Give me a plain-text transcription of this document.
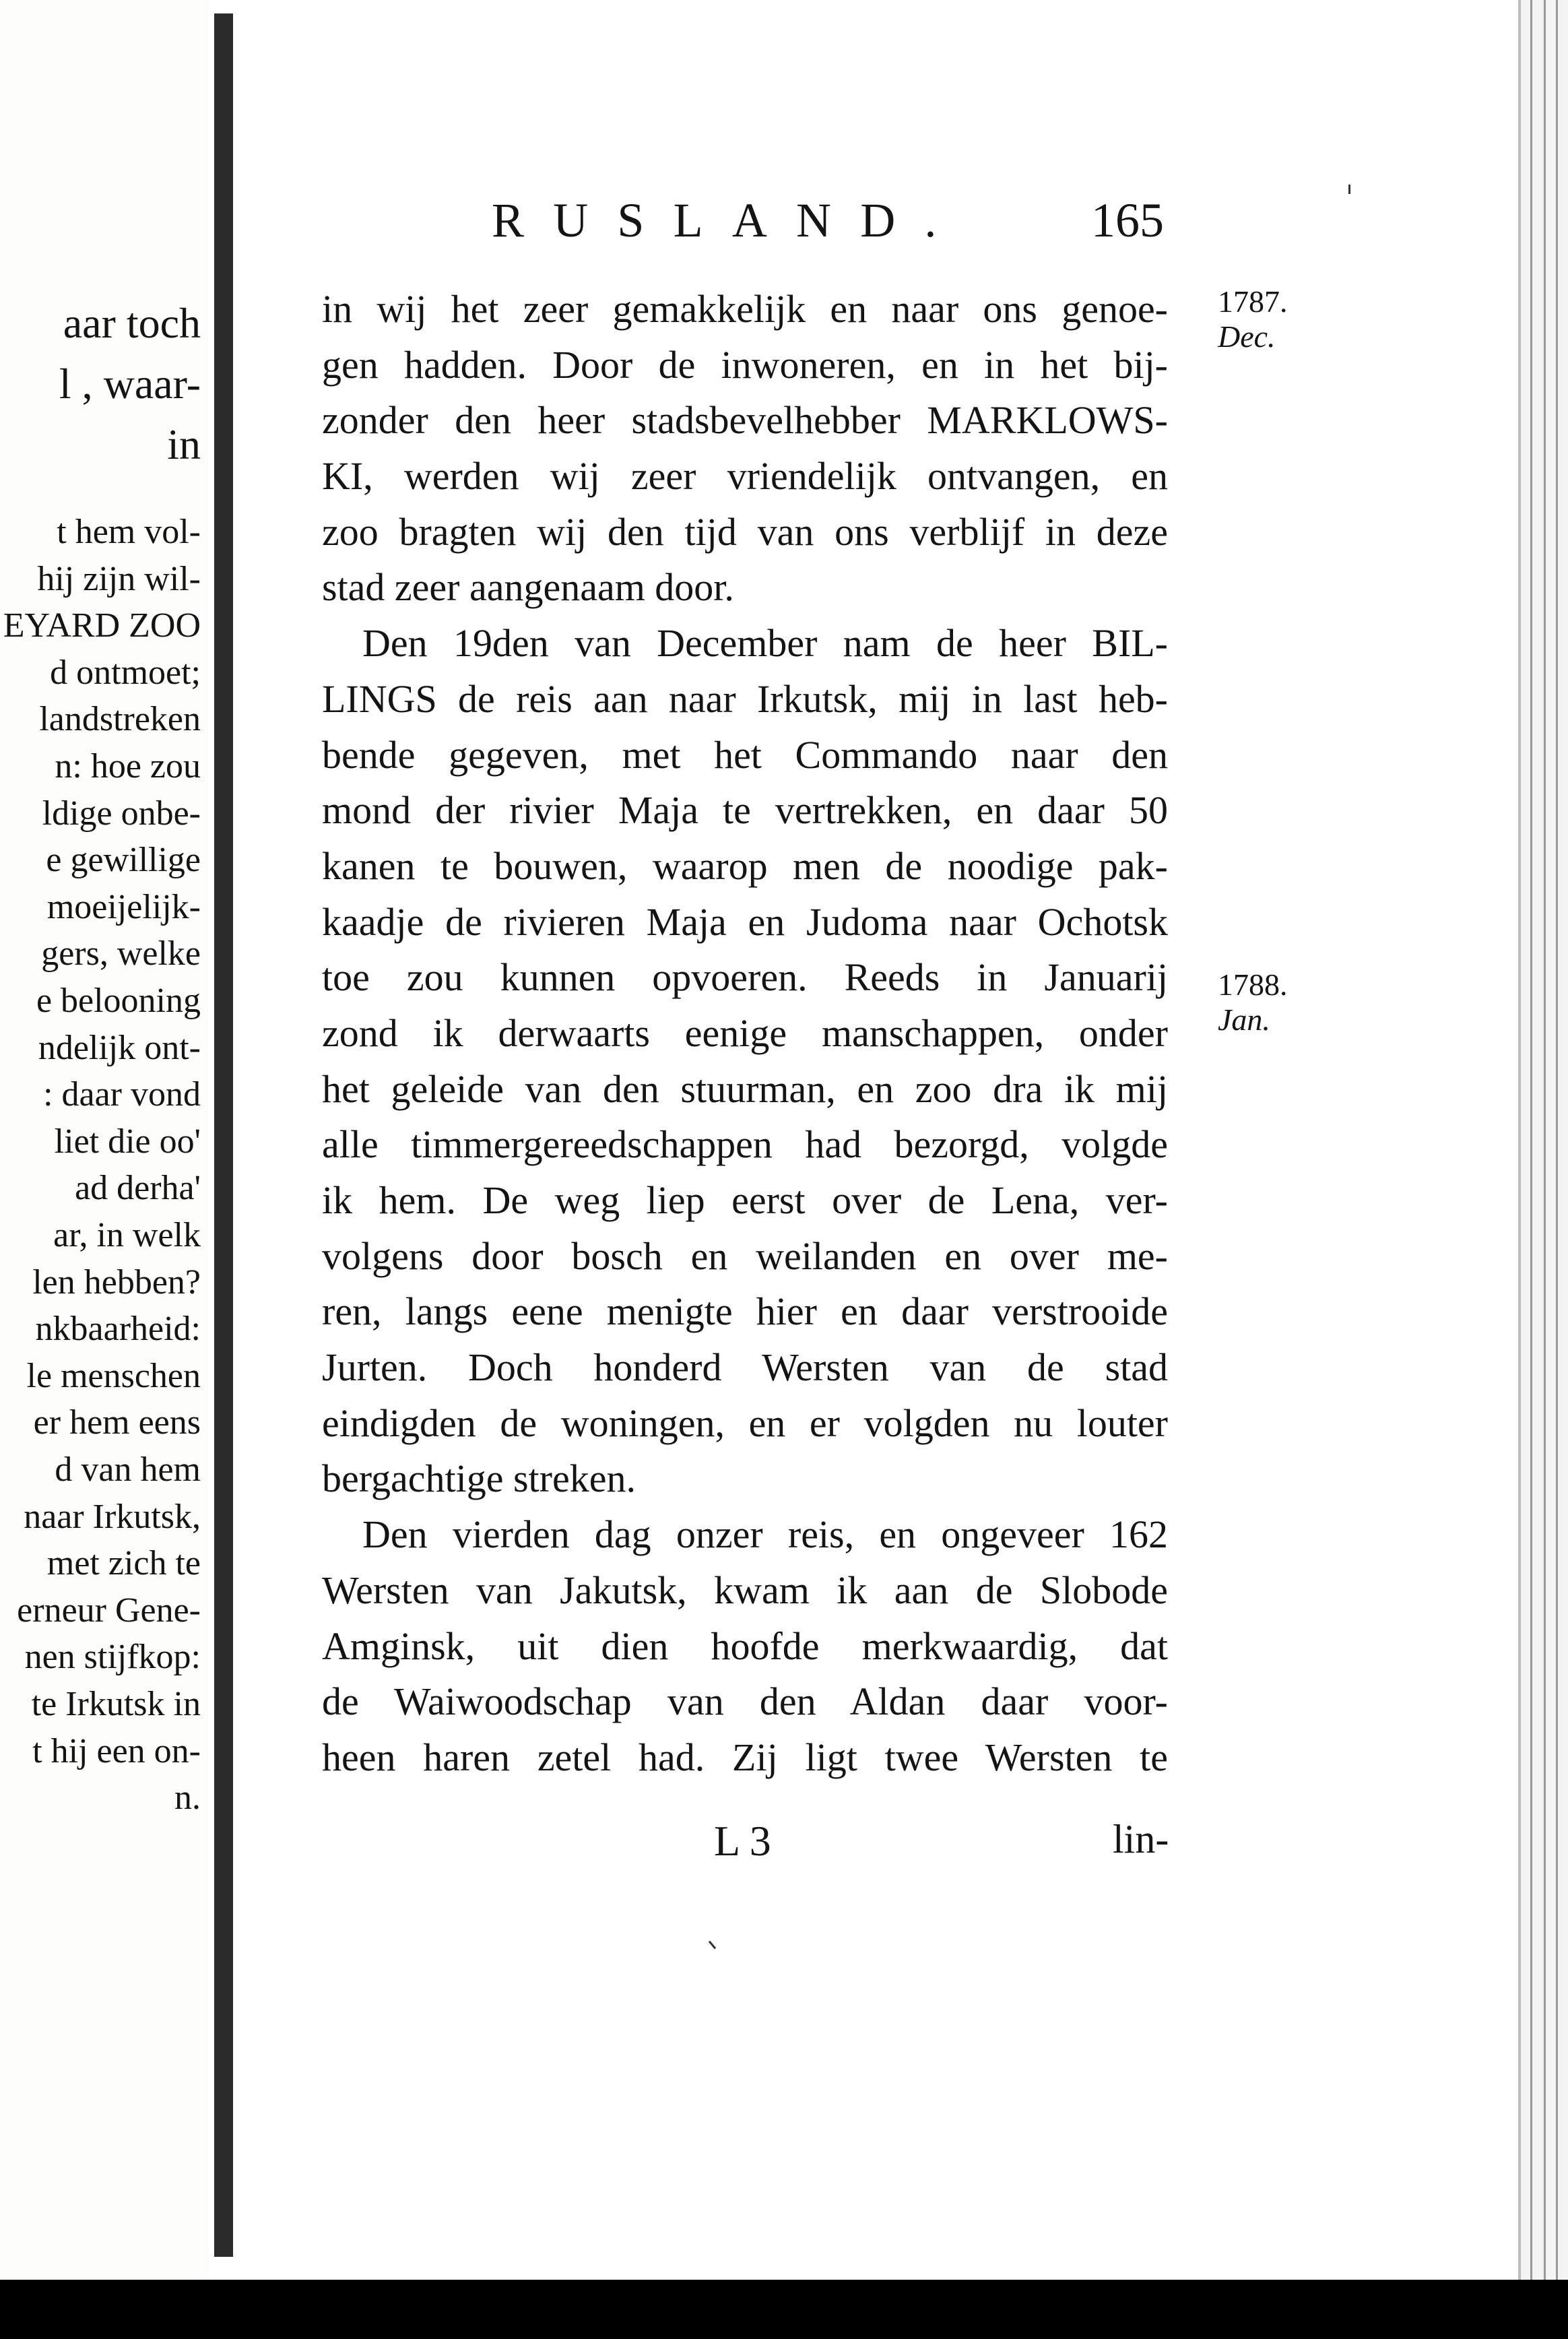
aar toch
l , waar-
in
t hem vol-
hij zijn wil-
EYARD ZOO
d ontmoet;
landstreken
n: hoe zou
ldige onbe-
e gewillige
moeijelijk-
gers, welke
e belooning
ndelijk ont-
: daar vond
liet die oo'
ad derha'
ar, in welk
len hebben?
nkbaarheid:
le menschen
er hem eens
d van hem
naar Irkutsk,
met zich te
erneur Gene-
nen stijfkop:
te Irkutsk in
t hij een on-
n.
RUSLAND.	165
1787.
Dec.
1788.
Jan.
in wij het zeer gemakkelijk en naar ons genoe-
gen hadden. Door de inwoneren, en in het bij-
zonder den heer stadsbevelhebber MARKLOWS-
KI, werden wij zeer vriendelijk ontvangen, en
zoo bragten wij den tijd van ons verblijf in deze
stad zeer aangenaam door.
Den 19den van December nam de heer BIL-
LINGS de reis aan naar Irkutsk, mij in last heb-
bende gegeven, met het Commando naar den
mond der rivier Maja te vertrekken, en daar 50
kanen te bouwen, waarop men de noodige pak-
kaadje de rivieren Maja en Judoma naar Ochotsk
toe zou kunnen opvoeren. Reeds in Januarij
zond ik derwaarts eenige manschappen, onder
het geleide van den stuurman, en zoo dra ik mij
alle timmergereedschappen had bezorgd, volgde
ik hem. De weg liep eerst over de Lena, ver-
volgens door bosch en weilanden en over me-
ren, langs eene menigte hier en daar verstrooide
Jurten. Doch honderd Wersten van de stad
eindigden de woningen, en er volgden nu louter
bergachtige streken.
Den vierden dag onzer reis, en ongeveer 162
Wersten van Jakutsk, kwam ik aan de Slobode
Amginsk, uit dien hoofde merkwaardig, dat
de Waiwoodschap van den Aldan daar voor-
heen haren zetel had. Zij ligt twee Wersten te
L 3	lin-
